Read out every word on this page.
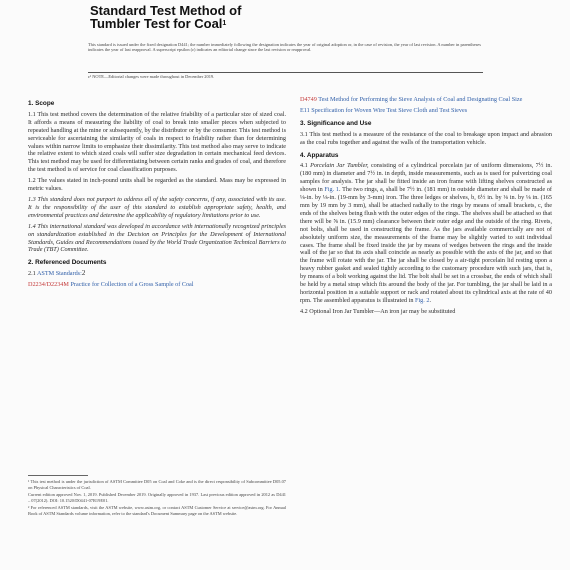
Standard Test Method of
Tumbler Test for Coal$^1$
This standard is issued under the fixed designation D441; the number immediately following the designation indicates the year of original adoption or, in the case of revision, the year of last revision. A number in parentheses indicates the year of last reapproval. A superscript epsilon (ε) indicates an editorial change since the last revision or reapproval.
ε¹ NOTE—Editorial changes were made throughout in December 2019.
1. Scope

1.1 This test method covers the determination of the relative friability of a particular size of sized coal. It affords a means of measuring the liability of coal to break into smaller pieces when subjected to repeated handling at the mine or subsequently, by the distributor or by the consumer. This test method is serviceable for ascertaining the similarity of coals in respect to friability rather than for determining values within narrow limits to emphasize their dissimilarity. This test method also may serve to indicate the relative extent to which sized coals will suffer size degradation in certain mechanical feed devices. This test method may be used for differentiating between certain ranks and grades of coal, and therefore the test method is of service for coal classification purposes.

1.2 The values stated in inch-pound units shall be regarded as the standard. Mass may be expressed in metric values.

1.3 This standard does not purport to address all of the safety concerns, if any, associated with its use. It is the responsibility of the user of this standard to establish appropriate safety, health, and environmental practices and determine the applicability of regulatory limitations prior to use.

1.4 This international standard was developed in accordance with internationally recognized principles on standardization established in the Decision on Principles for the Development of International Standards, Guides and Recommendations issued by the World Trade Organization Technical Barriers to Trade (TBT) Committee.

2. Referenced Documents

2.1 ASTM Standards:2

D2234/D2234M Practice for Collection of a Gross Sample of Coal

D4749 Test Method for Performing the Sieve Analysis of Coal and Designating Coal Size

E11 Specification for Woven Wire Test Sieve Cloth and Test Sieves

3. Significance and Use

3.1 This test method is a measure of the resistance of the coal to breakage upon impact and abrasion as the coal rubs together and against the walls of the transportation vehicle.

4. Apparatus

4.1 Porcelain Jar Tumbler, consisting of a cylindrical porcelain jar of uniform dimensions, 7½ in. (180 mm) in diameter and 7½ in. in depth, inside measurements, such as is used for pulverizing coal samples for analysis. The jar shall be fitted inside an iron frame with lifting shelves constructed as shown in Fig. 1. The two rings, a, shall be 7½ in. (181 mm) in outside diameter and shall be made of ⅛-in. by ⅛-in. (19-mm by 3-mm) iron. The three ledges or shelves, b, 6½ in. by ⅛ in. by ⅛ in. (165 mm by 19 mm by 3 mm), shall be attached radially to the rings by means of small brackets, c, the ends of the shelves being flush with the outer edges of the rings. The shelves shall be attached so that there will be ⅝ in. (15.9 mm) clearance between their outer edge and the outside of the ring. Rivets, not bolts, shall be used in constructing the frame. As the jars available commercially are not of absolutely uniform size, the measurements of the frame may be slightly varied to suit individual cases. The frame shall be fixed inside the jar by means of wedges between the rings and the inside wall of the jar so that its axis shall coincide as nearly as possible with the axis of the jar, and so that the frame will rotate with the jar. The jar shall be closed by a air-tight porcelain lid resting upon a heavy rubber gasket and sealed tightly according to the customary procedure with such jars, that is, by means of a bolt working against the lid. The bolt shall be set in a crossbar, the ends of which shall be held by a metal strap which fits around the body of the jar. For tumbling, the jar shall be laid in a horizontal position in a suitable support or rack and rotated about its cylindrical axis at the rate of 40 rpm. The assembled apparatus is illustrated in Fig. 2.

4.2 Optional Iron Jar Tumbler—An iron jar may be substituted

¹ This test method is under the jurisdiction of ASTM Committee D05 on Coal and Coke and is the direct responsibility of Subcommittee D05.07 on Physical Characteristics of Coal.

Current edition approved Nov. 1, 2019. Published December 2019. Originally approved in 1937. Last previous edition approved in 2012 as D441 – 07(2012). DOI: 10.1520/D0441-07R19E01.

² For referenced ASTM standards, visit the ASTM website, www.astm.org, or contact ASTM Customer Service at service@astm.org. For Annual Book of ASTM Standards volume information, refer to the standard's Document Summary page on the ASTM website.
